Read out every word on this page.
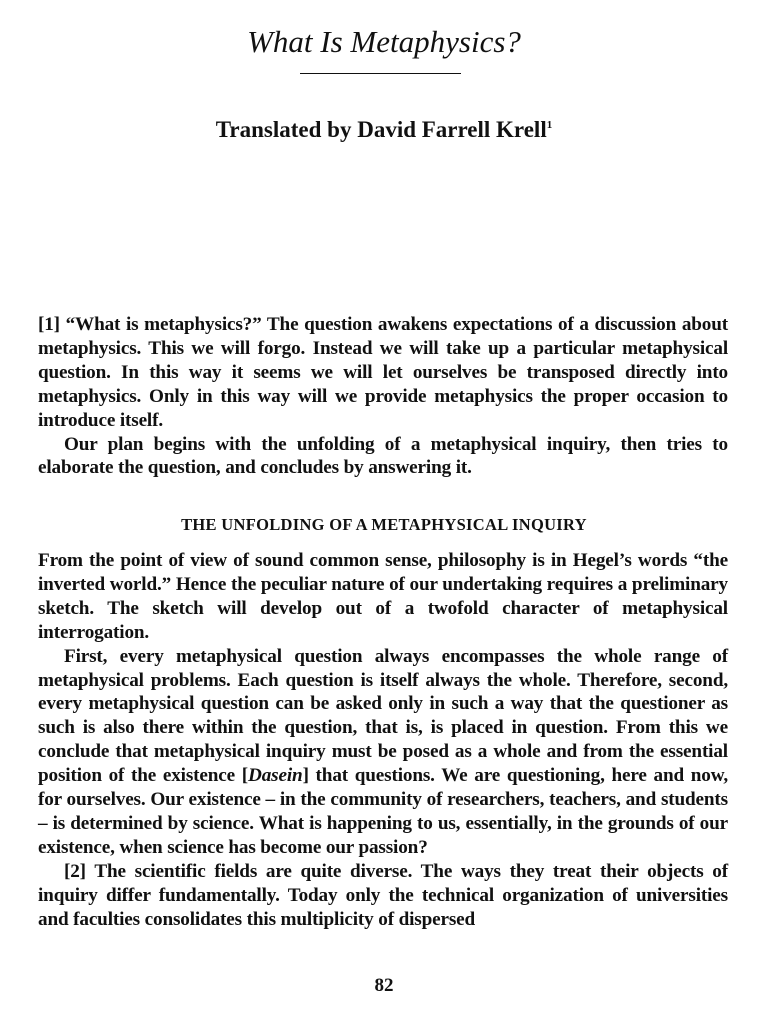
What Is Metaphysics?
Translated by David Farrell Krell$^1$

[1] “What is metaphysics?” The question awakens expectations of a discussion about metaphysics. This we will forgo. Instead we will take up a particular metaphysical question. In this way it seems we will let ourselves be transposed directly into metaphysics. Only in this way will we provide metaphysics the proper occasion to introduce itself.

Our plan begins with the unfolding of a metaphysical inquiry, then tries to elaborate the question, and concludes by answering it.

THE UNFOLDING OF A METAPHYSICAL INQUIRY

From the point of view of sound common sense, philosophy is in Hegel’s words “the inverted world.” Hence the peculiar nature of our undertaking requires a preliminary sketch. The sketch will develop out of a twofold character of metaphysical interrogation.

First, every metaphysical question always encompasses the whole range of metaphysical problems. Each question is itself always the whole. Therefore, second, every metaphysical question can be asked only in such a way that the questioner as such is also there within the question, that is, is placed in question. From this we conclude that metaphysical inquiry must be posed as a whole and from the essential position of the existence [Dasein] that questions. We are questioning, here and now, for ourselves. Our existence – in the community of researchers, teachers, and students – is determined by science. What is happening to us, essentially, in the grounds of our existence, when science has become our passion?

[2] The scientific fields are quite diverse. The ways they treat their objects of inquiry differ fundamentally. Today only the technical organization of universities and faculties consolidates this multiplicity of dispersed

82
